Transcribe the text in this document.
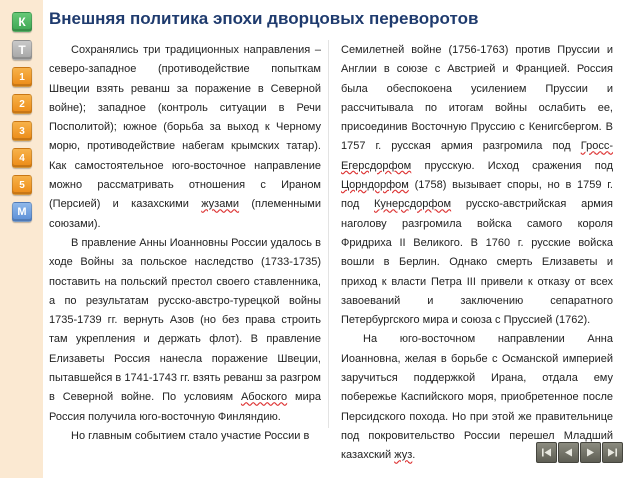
К
Т
1
2
3
4
5
М
Внешняя политика эпохи дворцовых переворотов

Сохранялись три традиционных направления – северо-западное (противодействие попыткам Швеции взять реванш за поражение в Северной войне); западное (контроль ситуации в Речи Посполитой); южное (борьба за выход к Черному морю, противодействие набегам крымских татар). Как самостоятельное юго-восточное направление можно рассматривать отношения с Ираном (Персией) и казахскими жузами (племенными союзами).

В правление Анны Иоанновны России удалось в ходе Войны за польское наследство (1733-1735) поставить на польский престол своего ставленника, а по результатам русско-австро-турецкой войны 1735-1739 гг. вернуть Азов (но без права строить там укрепления и держать флот). В правление Елизаветы Россия нанесла поражение Швеции, пытавшейся в 1741-1743 гг. взять реванш за разгром в Северной войне. По условиям Абоского мира Россия получила юго-восточную Финляндию.

Но главным событием стало участие России в

Семилетней войне (1756-1763) против Пруссии и Англии в союзе с Австрией и Францией. Россия была обеспокоена усилением Пруссии и рассчитывала по итогам войны ослабить ее, присоединив Восточную Пруссию с Кенигсбергом. В 1757 г. русская армия разгромила под Гросс-Егерсдорфом прусскую. Исход сражения под Цорндорфом (1758) вызывает споры, но в 1759 г. под Кунерсдорфом русско-австрийская армия наголову разгромила войска самого короля Фридриха II Великого. В 1760 г. русские войска вошли в Берлин. Однако смерть Елизаветы и приход к власти Петра III привели к отказу от всех завоеваний и заключению сепаратного Петербургского мира и союза с Пруссией (1762).

На юго-восточном направлении Анна Иоанновна, желая в борьбе с Османской империей заручиться поддержкой Ирана, отдала ему побережье Каспийского моря, приобретенное после Персидского похода. Но при этой же правительнице под покровительство России перешел Младший казахский жуз.
